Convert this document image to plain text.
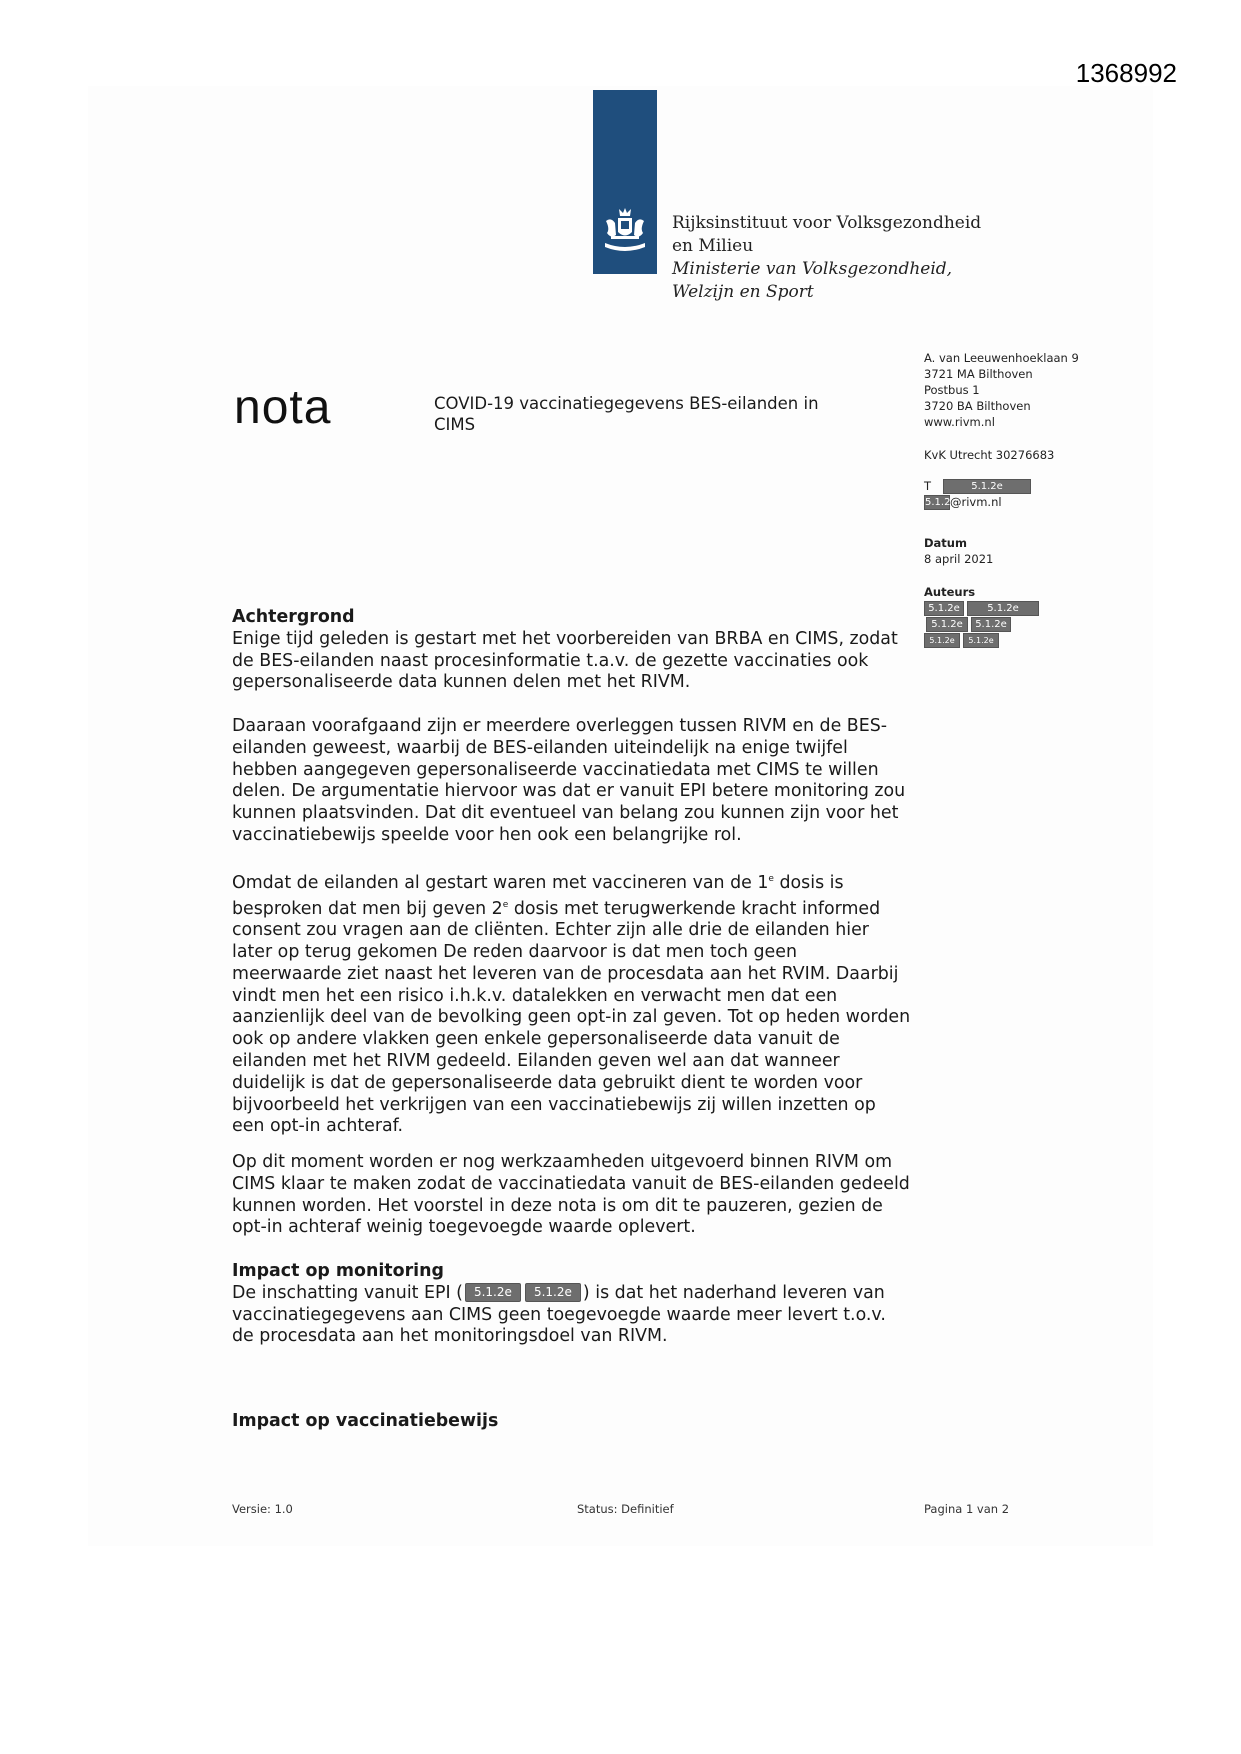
1368992
Rijksinstituut voor Volksgezondheid
en Milieu
Ministerie van Volksgezondheid,
Welzijn en Sport
nota	COVID-19 vaccinatiegegevens BES-eilanden in
CIMS
A. van Leeuwenhoeklaan 9
3721 MA Bilthoven
Postbus 1
3720 BA Bilthoven
www.rivm.nl
KvK Utrecht 30276683
T	5.1.2e
5.1.2@rivm.nl
Datum
8 april 2021
Auteurs
5.1.2e	5.1.2e
5.1.2e	5.1.2e
5.1.2e	5.1.2e

Achtergrond

Enige tijd geleden is gestart met het voorbereiden van BRBA en CIMS, zodat de BES-eilanden naast procesinformatie t.a.v. de gezette vaccinaties ook gepersonaliseerde data kunnen delen met het RIVM.

Daaraan voorafgaand zijn er meerdere overleggen tussen RIVM en de BES-eilanden geweest, waarbij de BES-eilanden uiteindelijk na enige twijfel hebben aangegeven gepersonaliseerde vaccinatiedata met CIMS te willen delen. De argumentatie hiervoor was dat er vanuit EPI betere monitoring zou kunnen plaatsvinden. Dat dit eventueel van belang zou kunnen zijn voor het vaccinatiebewijs speelde voor hen ook een belangrijke rol.
Omdat de eilanden al gestart waren met vaccineren van de 1e dosis is besproken dat men bij geven 2e dosis met terugwerkende kracht informed consent zou vragen aan de cliënten. Echter zijn alle drie de eilanden hier later op terug gekomen De reden daarvoor is dat men toch geen meerwaarde ziet naast het leveren van de procesdata aan het RVIM. Daarbij vindt men het een risico i.h.k.v. datalekken en verwacht men dat een aanzienlijk deel van de bevolking geen opt-in zal geven. Tot op heden worden ook op andere vlakken geen enkele gepersonaliseerde data vanuit de eilanden met het RIVM gedeeld. Eilanden geven wel aan dat wanneer duidelijk is dat de gepersonaliseerde data gebruikt dient te worden voor bijvoorbeeld het verkrijgen van een vaccinatiebewijs zij willen inzetten op een opt-in achteraf.
Op dit moment worden er nog werkzaamheden uitgevoerd binnen RIVM om CIMS klaar te maken zodat de vaccinatiedata vanuit de BES-eilanden gedeeld kunnen worden. Het voorstel in deze nota is om dit te pauzeren, gezien de opt-in achteraf weinig toegevoegde waarde oplevert.

Impact op monitoring

De inschatting vanuit EPI ( 5.1.2e 5.1.2e ) is dat het naderhand leveren van vaccinatiegegevens aan CIMS geen toegevoegde waarde meer levert t.o.v. de procesdata aan het monitoringsdoel van RIVM.

Impact op vaccinatiebewijs
Versie: 1.0	Status: Definitief	Pagina 1 van 2
